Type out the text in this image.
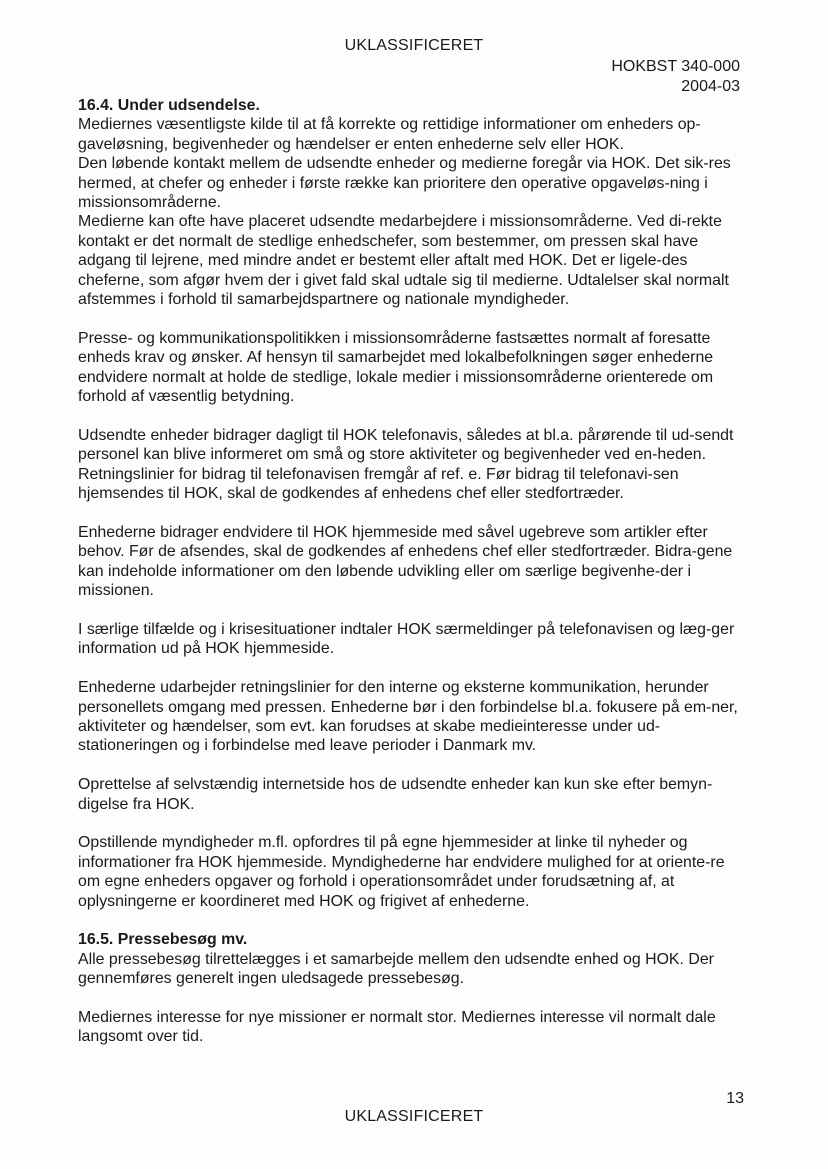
UKLASSIFICERET
HOKBST 340-000
2004-03
16.4. Under udsendelse.

Mediernes væsentligste kilde til at få korrekte og rettidige informationer om enheders op-gaveløsning, begivenheder og hændelser er enten enhederne selv eller HOK.

Den løbende kontakt mellem de udsendte enheder og medierne foregår via HOK. Det sik-res hermed, at chefer og enheder i første række kan prioritere den operative opgaveløs-ning i missionsområderne.

Medierne kan ofte have placeret udsendte medarbejdere i missionsområderne. Ved di-rekte kontakt er det normalt de stedlige enhedschefer, som bestemmer, om pressen skal have adgang til lejrene, med mindre andet er bestemt eller aftalt med HOK. Det er ligele-des cheferne, som afgør hvem der i givet fald skal udtale sig til medierne. Udtalelser skal normalt afstemmes i forhold til samarbejdspartnere og nationale myndigheder.

Presse- og kommunikationspolitikken i missionsområderne fastsættes normalt af foresatte enheds krav og ønsker. Af hensyn til samarbejdet med lokalbefolkningen søger enhederne endvidere normalt at holde de stedlige, lokale medier i missionsområderne orienterede om forhold af væsentlig betydning.

Udsendte enheder bidrager dagligt til HOK telefonavis, således at bl.a. pårørende til ud-sendt personel kan blive informeret om små og store aktiviteter og begivenheder ved en-heden. Retningslinier for bidrag til telefonavisen fremgår af ref. e. Før bidrag til telefonavi-sen hjemsendes til HOK, skal de godkendes af enhedens chef eller stedfortræder.

Enhederne bidrager endvidere til HOK hjemmeside med såvel ugebreve som artikler efter behov. Før de afsendes, skal de godkendes af enhedens chef eller stedfortræder. Bidra-gene kan indeholde informationer om den løbende udvikling eller om særlige begivenhe-der i missionen.

I særlige tilfælde og i krisesituationer indtaler HOK særmeldinger på telefonavisen og læg-ger information ud på HOK hjemmeside.

Enhederne udarbejder retningslinier for den interne og eksterne kommunikation, herunder personellets omgang med pressen. Enhederne bør i den forbindelse bl.a. fokusere på em-ner, aktiviteter og hændelser, som evt. kan forudses at skabe medieinteresse under ud-stationeringen og i forbindelse med leave perioder i Danmark mv.

Oprettelse af selvstændig internetside hos de udsendte enheder kan kun ske efter bemyn-digelse fra HOK.

Opstillende myndigheder m.fl. opfordres til på egne hjemmesider at linke til nyheder og informationer fra HOK hjemmeside. Myndighederne har endvidere mulighed for at oriente-re om egne enheders opgaver og forhold i operationsområdet under forudsætning af, at oplysningerne er koordineret med HOK og frigivet af enhederne.

16.5. Pressebesøg mv.

Alle pressebesøg tilrettelægges i et samarbejde mellem den udsendte enhed og HOK. Der gennemføres generelt ingen uledsagede pressebesøg.

Mediernes interesse for nye missioner er normalt stor. Mediernes interesse vil normalt dale langsomt over tid.

13
UKLASSIFICERET
